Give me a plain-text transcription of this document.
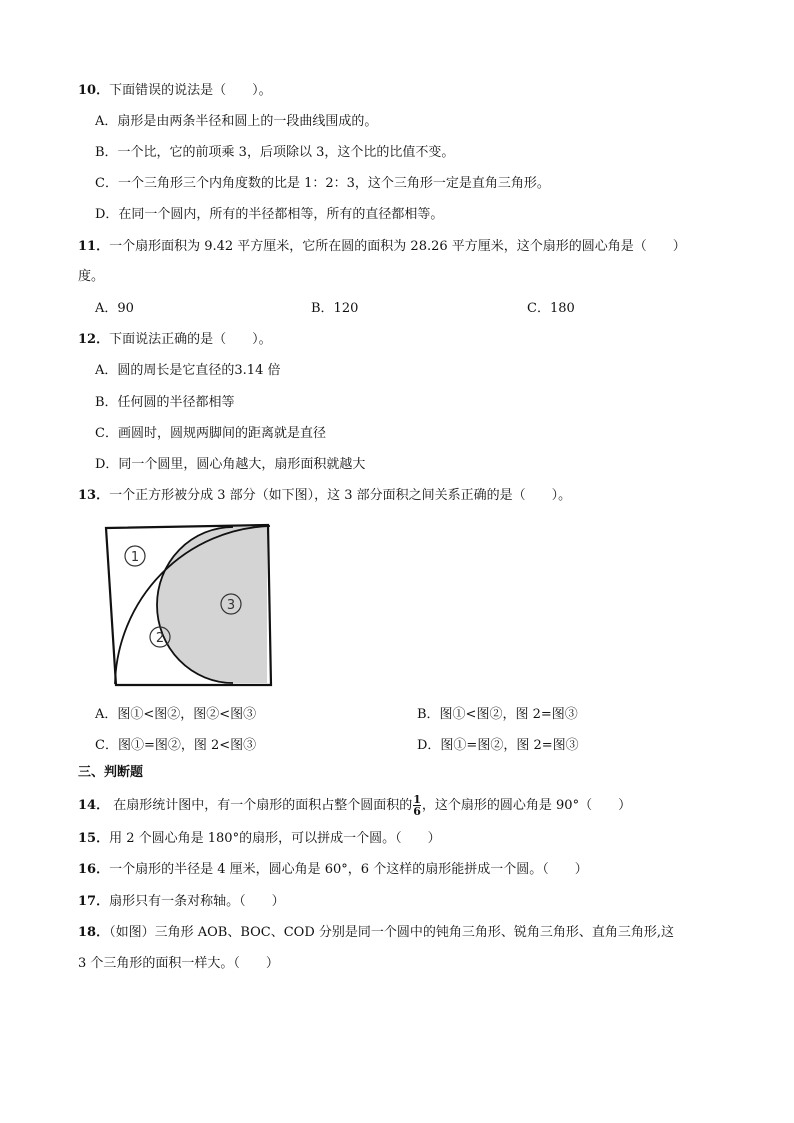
10．下面错误的说法是（　　）。
A．扇形是由两条半径和圆上的一段曲线围成的。
B．一个比，它的前项乘 3，后项除以 3，这个比的比值不变。
C．一个三角形三个内角度数的比是 1：2：3，这个三角形一定是直角三角形。
D．在同一个圆内，所有的半径都相等，所有的直径都相等。
11．一个扇形面积为 9.42 平方厘米，它所在圆的面积为 28.26 平方厘米，这个扇形的圆心角是（　　）
度。
A．90	B．120	C．180
12．下面说法正确的是（　　）。
A．圆的周长是它直径的3.14 倍
B．任何圆的半径都相等
C．画圆时，圆规两脚间的距离就是直径
D．同一个圆里，圆心角越大，扇形面积就越大
13．一个正方形被分成 3 部分（如下图），这 3 部分面积之间关系正确的是（　　）。
1
2
3
A．图①<图②，图②<图③	B．图①<图②，图 2=图③
C．图①=图②，图 2<图③	D．图①=图②，图 2=图③
三、判断题
14． 在扇形统计图中，有一个扇形的面积占整个圆面积的 $\frac{1}{6}$ ，这个扇形的圆心角是 90°（　　）
15．用 2 个圆心角是 180°的扇形，可以拼成一个圆。（　　）
16．一个扇形的半径是 4 厘米，圆心角是 60°，6 个这样的扇形能拼成一个圆。（　　）
17．扇形只有一条对称轴。（　　）
18．（如图）三角形 AOB、BOC、COD 分别是同一个圆中的钝角三角形、锐角三角形、直角三角形,这
3 个三角形的面积一样大。（　　）
